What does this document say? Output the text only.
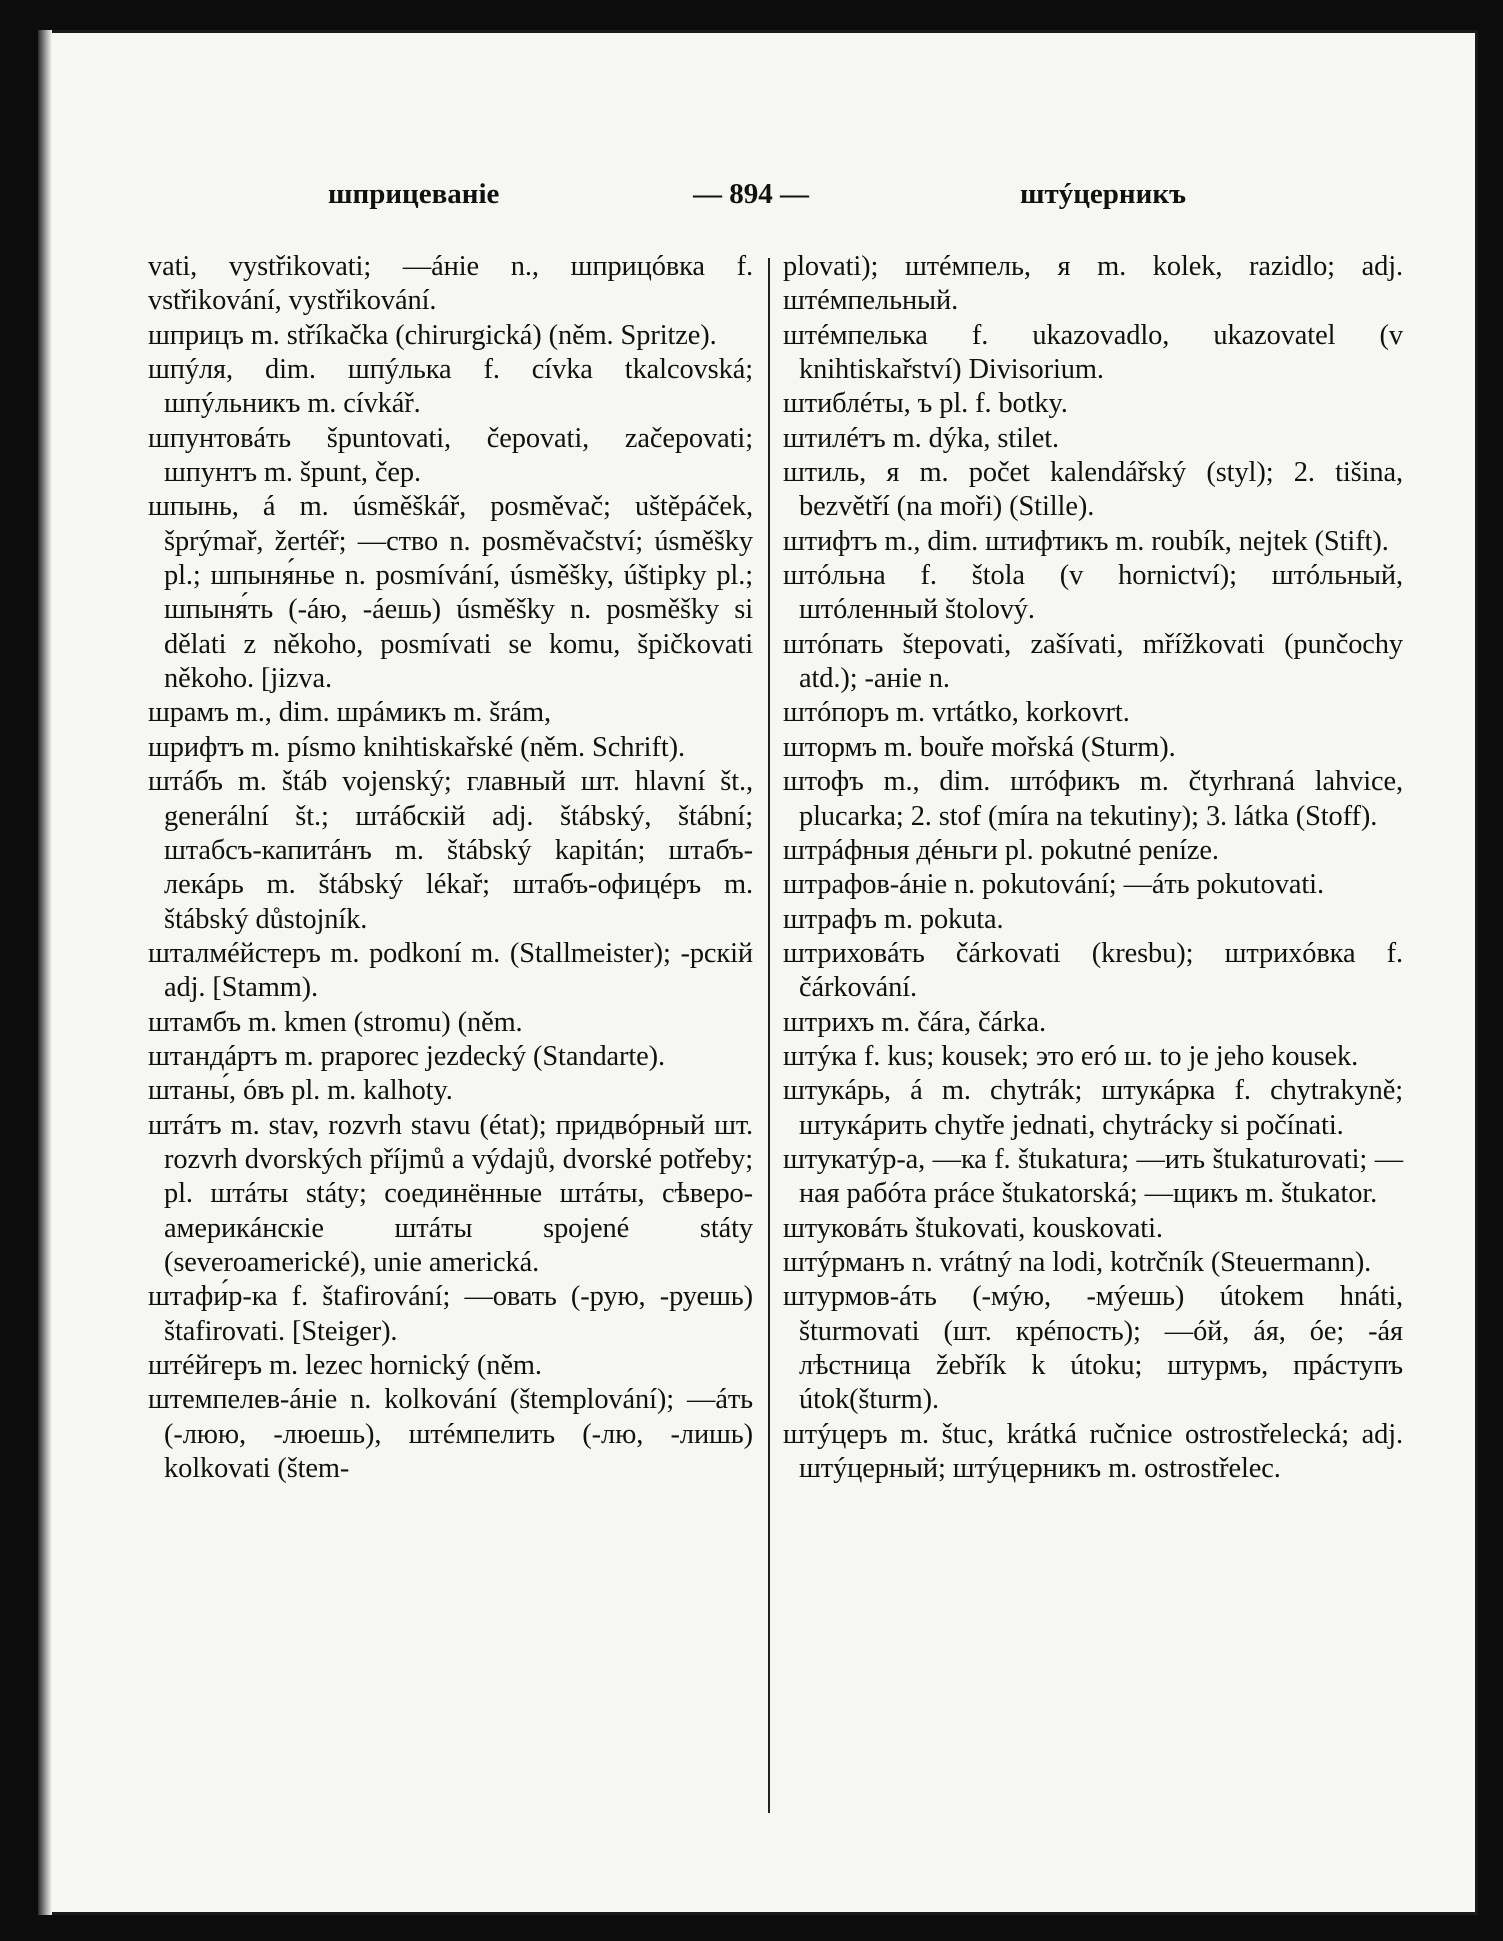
шприцеваніе	— 894 —	штýцерникъ

vati, vystřikovati; —áнie n., шприцóвка f. vstřikování, vystřikování.

шприцъ m. stříkačka (chirurgická) (něm. Spritze).

шпýля, dim. шпýлька f. cívka tkalcovská; шпýльникъ m. cívkář.

шпунтовáть špuntovati, čepovati, začepovati; шпунтъ m. špunt, čep.

шпынь, á m. úsměškář, posměvač; uštěpáček, šprýmař, žertéř; —ство n. posměvačství; úsměšky pl.; шпыня́нье n. posmívání, úsměšky, úštipky pl.; шпыня́ть (-áю, -áешь) úsměšky n. posměšky si dělati z někoho, posmívati se komu, špičkovati někoho. [jizva.

шрамъ m., dim. шрáмикъ m. šrám,

шрифтъ m. písmo knihtiskařské (něm. Schrift).

штáбъ m. štáb vojenský; главный шт. hlavní št., generální št.; штáбскiй adj. štábský, štábní; штабсъ-капитáнъ m. štábský kapitán; штабъ-лекáрь m. štábský lékař; штабъ-офицéръ m. štábský důstojník.

шталмéйстеръ m. podkoní m. (Stallmeister); -рскiй adj. [Stamm).

штамбъ m. kmen (stromu) (něm.

штандáртъ m. praporec jezdecký (Standarte).

штаны́, óвъ pl. m. kalhoty.

штáтъ m. stav, rozvrh stavu (état); придвóрный шт. rozvrh dvorských příjmů a výdajů, dvorské potřeby; pl. штáты státy; соединённые штáты, сѣверо-америкáнскiе штáты spojené státy (severoamerické), unie americká.

штафи́р-ка f. štafirování; —овать (-рую, -руешь) štafirovati. [Steiger).

штéйгеръ m. lezec hornický (něm.

штемпелев-áнie n. kolkování (štemplování); —áть (-люю, -люешь), штéмпелить (-лю, -лишь) kolkovati (štem-

plovati); штéмпель, я m. kolek, razidlo; adj. штéмпельный.

штéмпелька f. ukazovadlo, ukazovatel (v knihtiskařství) Divisorium.

штиблéты, ъ pl. f. botky.

штилéтъ m. dýka, stilet.

штиль, я m. počet kalendářský (styl); 2. tišina, bezvětří (na moři) (Stille).

штифтъ m., dim. штифтикъ m. roubík, nejtek (Stift).

штóльна f. štola (v hornictví); штóльный, штóленный štolový.

штóпать štepovati, zašívati, mřížkovati (punčochy atd.); -анie n.

штóпоръ m. vrtátko, korkovrt.

штормъ m. bouře mořská (Sturm).

штофъ m., dim. штóфикъ m. čtyrhraná lahvice, plucarka; 2. stof (míra na tekutiny); 3. látka (Stoff).

штрáфныя дéньги pl. pokutné peníze.

штрафов-áнie n. pokutování; —áть pokutovati.

штрафъ m. pokuta.

штриховáть čárkovati (kresbu); штрихóвка f. čárkování.

штрихъ m. čára, čárka.

штýка f. kus; kousek; это eró ш. to je jeho kousek.

штукáрь, á m. chytrák; штукáрка f. chytrakyně; штукáрить chytře jednati, chytrácky si počínati.

штукатýр-а, —ка f. štukatura; —ить štukaturovati; —ная рабóта práce štukatorská; —щикъ m. štukator.

штуковáть štukovati, kouskovati.

штýрманъ n. vrátný na lodi, kotrčník (Steuermann).

штурмов-áть (-мýю, -мýешь) útokem hnáti, šturmovati (шт. крéпость); —óй, áя, óе; -áя лѣстница žebřík k útoku; штурмъ, прáступъ útok(šturm).

штýцеръ m. štuc, krátká ručnice ostrostřelecká; adj. штýцерный; штýцерникъ m. ostrostřelec.
